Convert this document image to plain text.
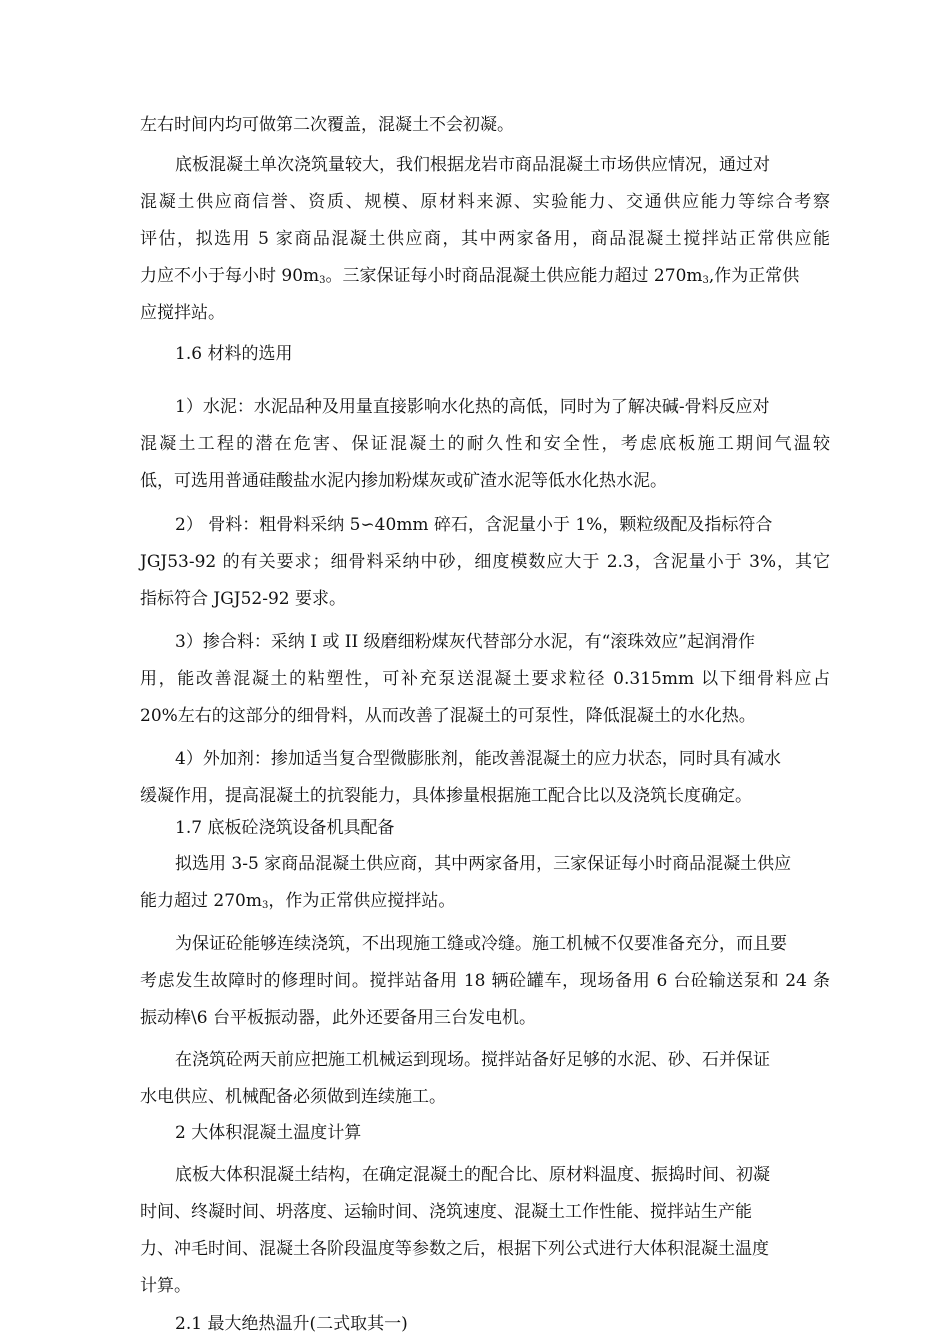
左右时间内均可做第二次覆盖，混凝土不会初凝。
底板混凝土单次浇筑量较大，我们根据龙岩市商品混凝土市场供应情况，通过对
混凝土供应商信誉、资质、规模、原材料来源、实验能力、交通供应能力等综合考察
评估，拟选用 5 家商品混凝土供应商，其中两家备用，商品混凝土搅拌站正常供应能
力应不小于每小时 $90m_3$。三家保证每小时商品混凝土供应能力超过 $270m_3$,作为正常供
应搅拌站。
1.6 材料的选用
1）水泥：水泥品种及用量直接影响水化热的高低，同时为了解决碱-骨料反应对
混凝土工程的潜在危害、保证混凝土的耐久性和安全性，考虑底板施工期间气温较
低，可选用普通硅酸盐水泥内掺加粉煤灰或矿渣水泥等低水化热水泥。
2） 骨料：粗骨料采纳 5∽40mm 碎石，含泥量小于 1%，颗粒级配及指标符合
JGJ53-92 的有关要求；细骨料采纳中砂，细度模数应大于 2.3，含泥量小于 3%，其它
指标符合 JGJ52-92 要求。
3）掺合料：采纳 I 或 II 级磨细粉煤灰代替部分水泥，有“滚珠效应”起润滑作
用，能改善混凝土的粘塑性，可补充泵送混凝土要求粒径 0.315mm 以下细骨料应占
20%左右的这部分的细骨料，从而改善了混凝土的可泵性，降低混凝土的水化热。
4）外加剂：掺加适当复合型微膨胀剂，能改善混凝土的应力状态，同时具有减水
缓凝作用，提高混凝土的抗裂能力，具体掺量根据施工配合比以及浇筑长度确定。
1.7 底板砼浇筑设备机具配备
拟选用 3-5 家商品混凝土供应商，其中两家备用，三家保证每小时商品混凝土供应
能力超过 $270m_3$，作为正常供应搅拌站。
为保证砼能够连续浇筑，不出现施工缝或冷缝。施工机械不仅要准备充分，而且要
考虑发生故障时的修理时间。搅拌站备用 18 辆砼罐车，现场备用 6 台砼输送泵和 24 条
振动棒\6 台平板振动器，此外还要备用三台发电机。
在浇筑砼两天前应把施工机械运到现场。搅拌站备好足够的水泥、砂、石并保证
水电供应、机械配备必须做到连续施工。
2 大体积混凝土温度计算
底板大体积混凝土结构，在确定混凝土的配合比、原材料温度、振捣时间、初凝
时间、终凝时间、坍落度、运输时间、浇筑速度、混凝土工作性能、搅拌站生产能
力、冲毛时间、混凝土各阶段温度等参数之后，根据下列公式进行大体积混凝土温度
计算。
2.1 最大绝热温升(二式取其一)
